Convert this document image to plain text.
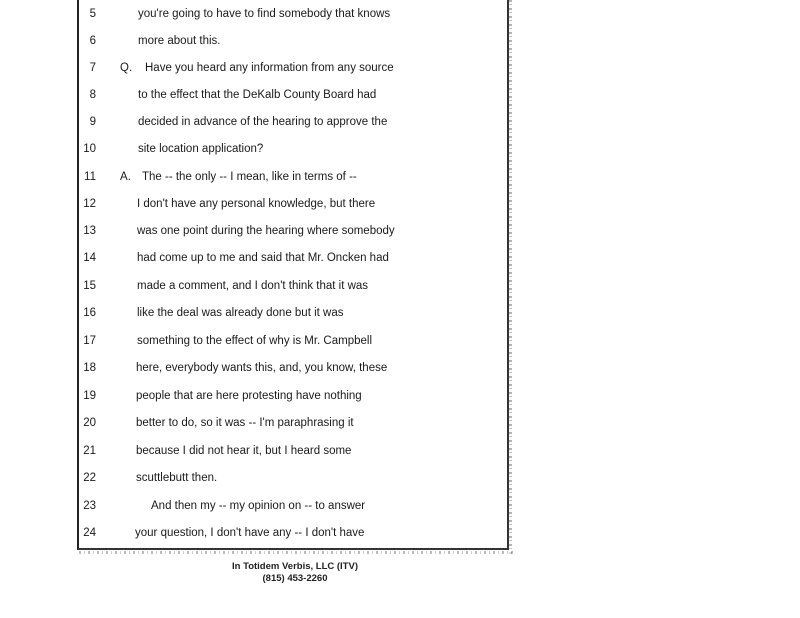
5	you're going to have to find somebody that knows
6	more about this.
7 Q. Have you heard any information from any source
8	to the effect that the DeKalb County Board had
9	decided in advance of the hearing to approve the
10	site location application?
11 A. The -- the only -- I mean, like in terms of --
12	I don't have any personal knowledge, but there
13	was one point during the hearing where somebody
14	had come up to me and said that Mr. Oncken had
15	made a comment, and I don't think that it was
16	like the deal was already done but it was
17	something to the effect of why is Mr. Campbell
18	here, everybody wants this, and, you know, these
19	people that are here protesting have nothing
20	better to do, so it was -- I'm paraphrasing it
21	because I did not hear it, but I heard some
22	scuttlebutt then.
23	And then my -- my opinion on -- to answer
24	your question, I don't have any -- I don't have
In Totidem Verbis, LLC (ITV)
(815) 453-2260
